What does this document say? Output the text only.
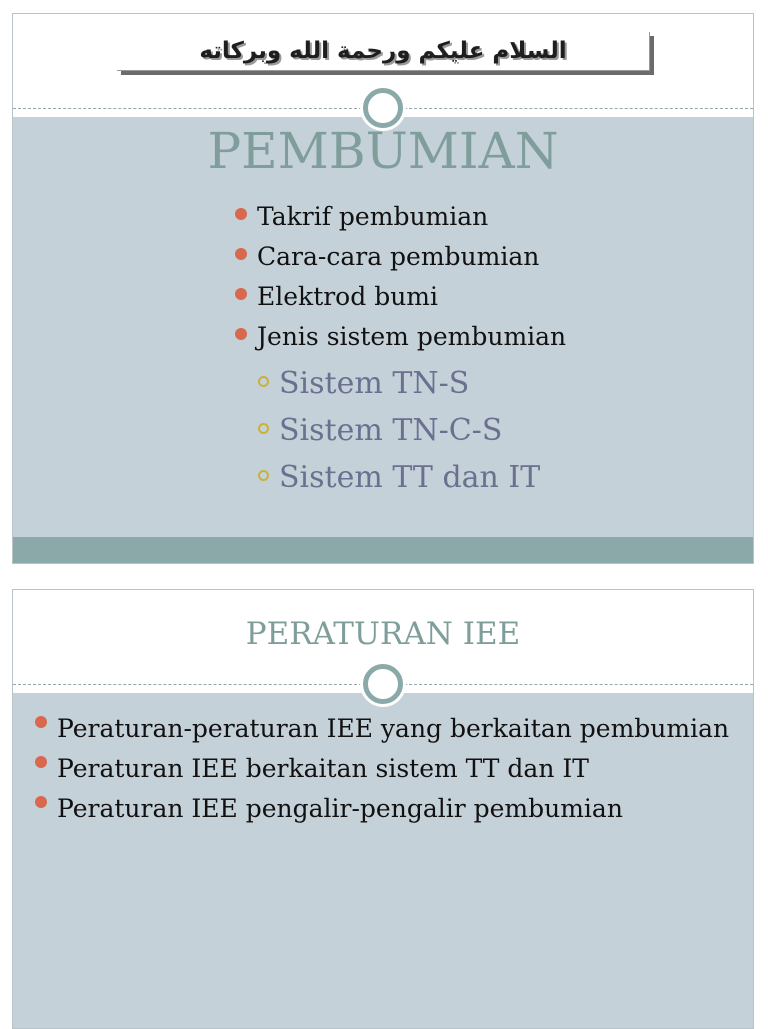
السلام عليكم ورحمة الله وبركاته
PEMBUMIAN
Takrif pembumian
Cara-cara pembumian
Elektrod bumi
Jenis sistem pembumian
Sistem TN-S
Sistem TN-C-S
Sistem TT dan IT
PERATURAN IEE
Peraturan-peraturan IEE yang berkaitan pembumian
Peraturan IEE berkaitan sistem TT dan IT
Peraturan IEE pengalir-pengalir pembumian
